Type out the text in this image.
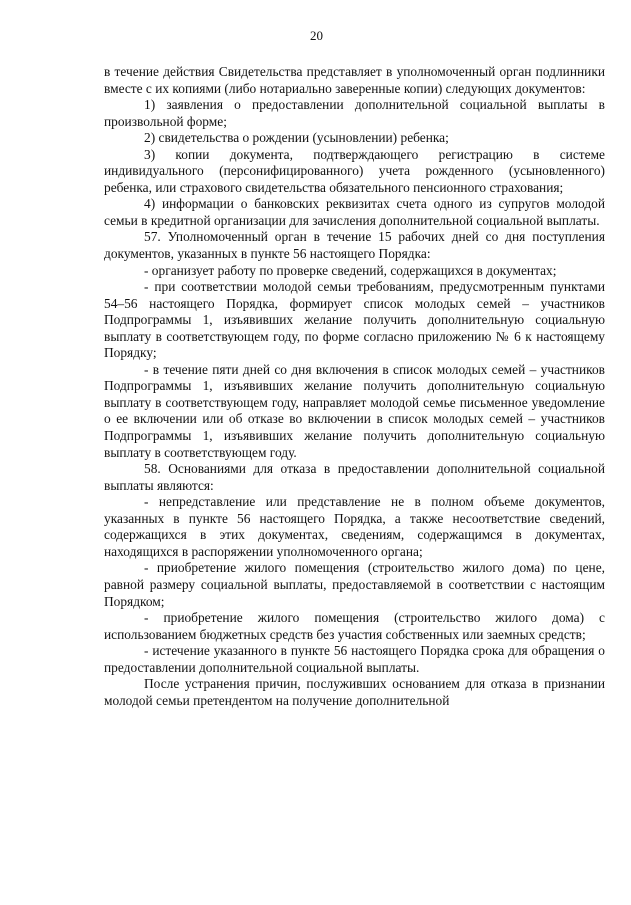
20

в течение действия Свидетельства представляет в уполномоченный орган подлинники вместе с их копиями (либо нотариально заверенные копии) следующих документов:

1) заявления о предоставлении дополнительной социальной выплаты в произвольной форме;

2) свидетельства о рождении (усыновлении) ребенка;

3) копии документа, подтверждающего регистрацию в системе индивидуального (персонифицированного) учета рожденного (усыновленного) ребенка, или страхового свидетельства обязательного пенсионного страхования;

4) информации о банковских реквизитах счета одного из супругов молодой семьи в кредитной организации для зачисления дополнительной социальной выплаты.

57. Уполномоченный орган в течение 15 рабочих дней со дня поступления документов, указанных в пункте 56 настоящего Порядка:

- организует работу по проверке сведений, содержащихся в документах;

- при соответствии молодой семьи требованиям, предусмотренным пунктами 54–56 настоящего Порядка, формирует список молодых семей – участников Подпрограммы 1, изъявивших желание получить дополнительную социальную выплату в соответствующем году, по форме согласно приложению № 6 к настоящему Порядку;

- в течение пяти дней со дня включения в список молодых семей – участников Подпрограммы 1, изъявивших желание получить дополнительную социальную выплату в соответствующем году, направляет молодой семье письменное уведомление о ее включении или об отказе во включении в список молодых семей – участников Подпрограммы 1, изъявивших желание получить дополнительную социальную выплату в соответствующем году.

58. Основаниями для отказа в предоставлении дополнительной социальной выплаты являются:

- непредставление или представление не в полном объеме документов, указанных в пункте 56 настоящего Порядка, а также несоответствие сведений, содержащихся в этих документах, сведениям, содержащимся в документах, находящихся в распоряжении уполномоченного органа;

- приобретение жилого помещения (строительство жилого дома) по цене, равной размеру социальной выплаты, предоставляемой в соответствии с настоящим Порядком;

- приобретение жилого помещения (строительство жилого дома) с использованием бюджетных средств без участия собственных или заемных средств;

- истечение указанного в пункте 56 настоящего Порядка срока для обращения о предоставлении дополнительной социальной выплаты.

После устранения причин, послуживших основанием для отказа в признании молодой семьи претендентом на получение дополнительной
